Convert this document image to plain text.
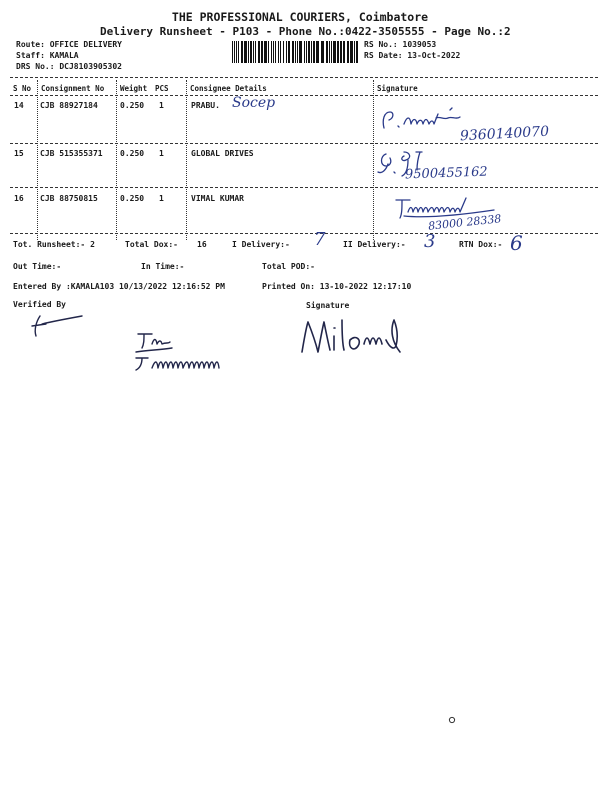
THE PROFESSIONAL COURIERS, Coimbatore
Delivery Runsheet - P103 - Phone No.:0422-3505555 - Page No.:2
Route: OFFICE DELIVERY
Staff: KAMALA
DRS No.: DCJ8103905302
RS No.: 1039053
RS Date: 13-Oct-2022
S No Consignment No Weight PCS	Consignee Details	Signature
14 CJB 88927184	0.250 1	PRABU. Socep
9360140070
15 CJB 515355371 0.250 1	GLOBAL DRIVES
9500455162
16 CJB 88750815	0.250 1	VIMAL KUMAR
83000 28338
Tot. Runsheet:- 2	Total Dox:- 16	I Delivery:- 7 II Delivery:- 3	RTN Dox:- 6
Out Time:-	In Time:-	Total POD:-
Entered By :KAMALA103 10/13/2022 12:16:52 PM	Printed On: 13-10-2022 12:17:10
Verified By	Signature
